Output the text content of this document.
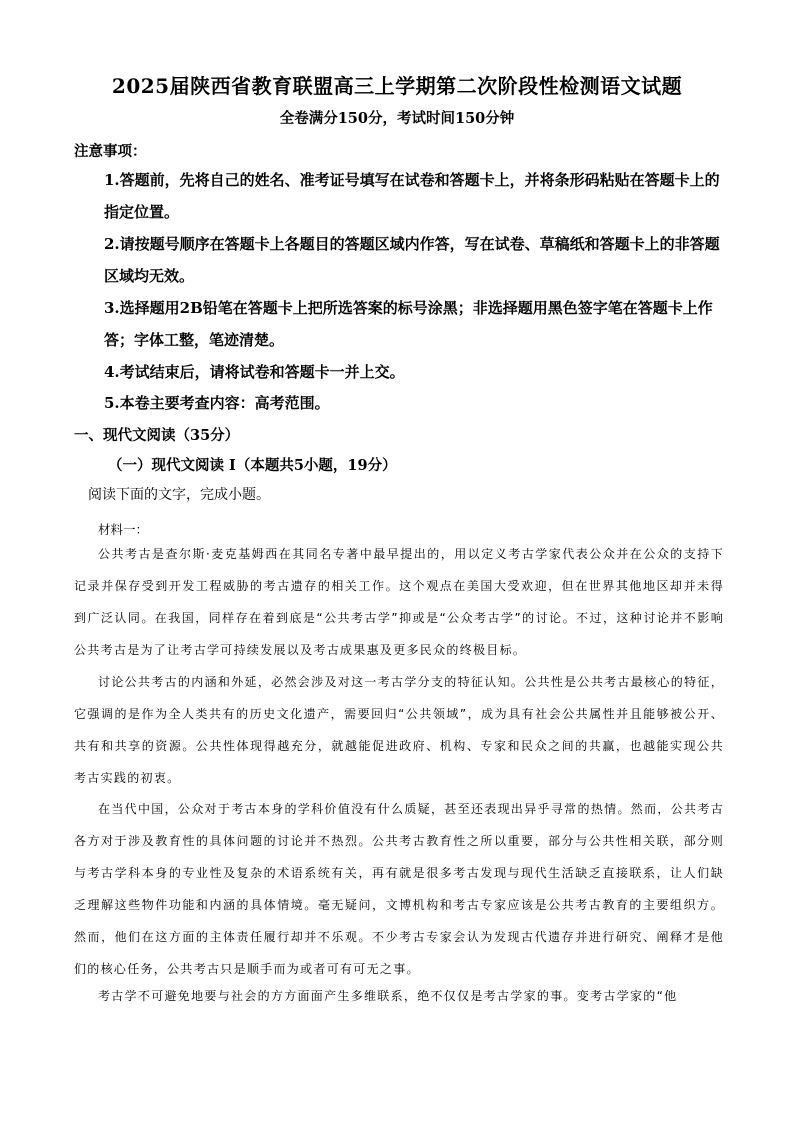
2025届陕西省教育联盟高三上学期第二次阶段性检测语文试题
全卷满分150分，考试时间150分钟
注意事项：
1.答题前，先将自己的姓名、准考证号填写在试卷和答题卡上，并将条形码粘贴在答题卡上的指定位置。
2.请按题号顺序在答题卡上各题目的答题区域内作答，写在试卷、草稿纸和答题卡上的非答题区域均无效。
3.选择题用2B铅笔在答题卡上把所选答案的标号涂黑；非选择题用黑色签字笔在答题卡上作答；字体工整，笔迹清楚。
4.考试结束后，请将试卷和答题卡一并上交。
5.本卷主要考查内容：高考范围。
一、现代文阅读（35分）
（一）现代文阅读 I（本题共5小题，19分）
阅读下面的文字，完成小题。
材料一：
公共考古是查尔斯·麦克基姆西在其同名专著中最早提出的，用以定义考古学家代表公众并在公众的支持下记录并保存受到开发工程威胁的考古遗存的相关工作。这个观点在美国大受欢迎，但在世界其他地区却并未得到广泛认同。在我国，同样存在着到底是“公共考古学”抑或是“公众考古学”的讨论。不过，这种讨论并不影响公共考古是为了让考古学可持续发展以及考古成果惠及更多民众的终极目标。
讨论公共考古的内涵和外延，必然会涉及对这一考古学分支的特征认知。公共性是公共考古最核心的特征，它强调的是作为全人类共有的历史文化遗产，需要回归“公共领域”，成为具有社会公共属性并且能够被公开、共有和共享的资源。公共性体现得越充分，就越能促进政府、机构、专家和民众之间的共赢，也越能实现公共考古实践的初衷。
在当代中国，公众对于考古本身的学科价值没有什么质疑，甚至还表现出异乎寻常的热情。然而，公共考古各方对于涉及教育性的具体问题的讨论并不热烈。公共考古教育性之所以重要，部分与公共性相关联，部分则与考古学科本身的专业性及复杂的术语系统有关，再有就是很多考古发现与现代生活缺乏直接联系，让人们缺乏理解这些物件功能和内涵的具体情境。毫无疑问，文博机构和考古专家应该是公共考古教育的主要组织方。然而，他们在这方面的主体责任履行却并不乐观。不少考古专家会认为发现古代遗存并进行研究、阐释才是他们的核心任务，公共考古只是顺手而为或者可有可无之事。
考古学不可避免地要与社会的方方面面产生多维联系，绝不仅仅是考古学家的事。变考古学家的“他
